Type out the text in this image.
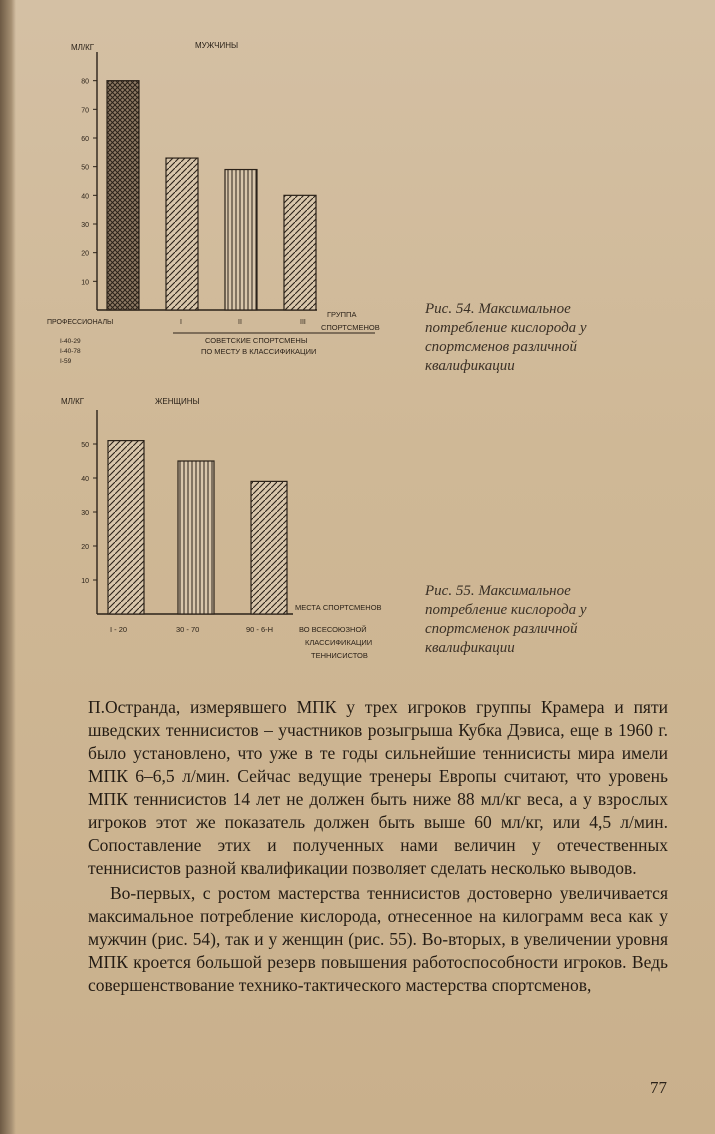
МЛ/КГ	МУЖЧИНЫ
ГРУППА
СПОРТСМЕНОВ
СОВЕТСКИЕ СПОРТСМЕНЫ
ПО МЕСТУ В КЛАССИФИКАЦИИ
I-40-29
I-40-78
I-59
10
20
30
40
50
60
70
80
ПРОФЕССИОНАЛЫ	I	II	III
Рис. 54. Максимальное потребление кислорода у спортсменов различной квалификации
МЛ/КГ	ЖЕНЩИНЫ
МЕСТА СПОРТСМЕНОВ
ВО ВСЕСОЮЗНОЙ
КЛАССИФИКАЦИИ
ТЕННИСИСТОВ
10
20
30
40
50
I - 20	30 - 70	90 - 6-Н
Рис. 55. Максимальное потребление кислорода у спортсменок различной квалификации

П.Остранда, измерявшего МПК у трех игроков группы Крамера и пяти шведских теннисистов – участников розыгрыша Кубка Дэвиса, еще в 1960 г. было установлено, что уже в те годы сильнейшие теннисисты мира имели МПК 6–6,5 л/мин. Сейчас ведущие тренеры Европы считают, что уровень МПК теннисистов 14 лет не должен быть ниже 88 мл/кг веса, а у взрослых игроков этот же показатель должен быть выше 60 мл/кг, или 4,5 л/мин. Сопоставление этих и полученных нами величин у отечественных теннисистов разной квалификации позволяет сделать несколько выводов.

Во-первых, с ростом мастерства теннисистов достоверно увеличивается максимальное потребление кислорода, отнесенное на килограмм веса как у мужчин (рис. 54), так и у женщин (рис. 55). Во-вторых, в увеличении уровня МПК кроется большой резерв повышения работоспособности игроков. Ведь совершенствование технико-тактического мастерства спортсменов,

77
